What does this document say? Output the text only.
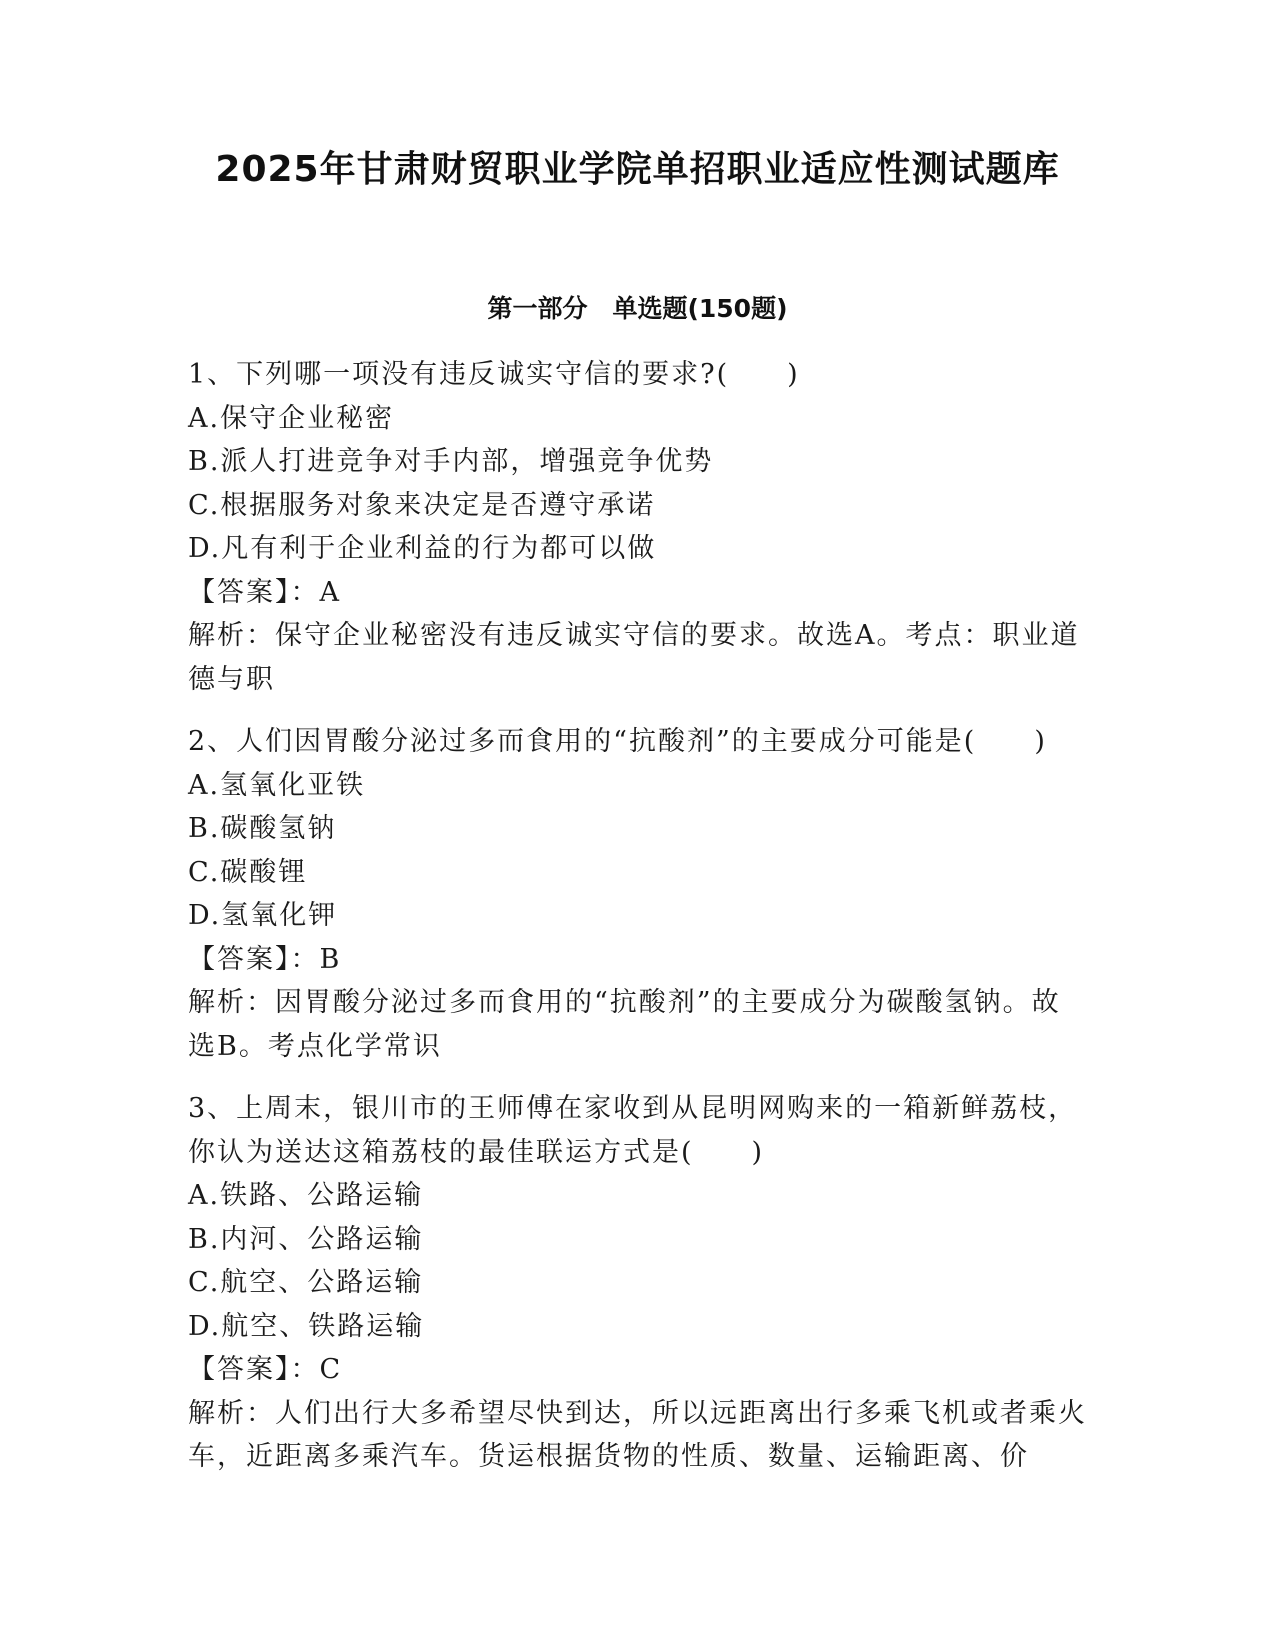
2025年甘肃财贸职业学院单招职业适应性测试题库
第一部分　单选题(150题)

1、下列哪一项没有违反诚实守信的要求?(　　)

A.保守企业秘密

B.派人打进竞争对手内部，增强竞争优势

C.根据服务对象来决定是否遵守承诺

D.凡有利于企业利益的行为都可以做

【答案】：A

解析：保守企业秘密没有违反诚实守信的要求。故选A。考点：职业道德与职

2、人们因胃酸分泌过多而食用的“抗酸剂”的主要成分可能是(　　)

A.氢氧化亚铁

B.碳酸氢钠

C.碳酸锂

D.氢氧化钾

【答案】：B

解析：因胃酸分泌过多而食用的“抗酸剂”的主要成分为碳酸氢钠。故选B。考点化学常识

3、上周末，银川市的王师傅在家收到从昆明网购来的一箱新鲜荔枝，你认为送达这箱荔枝的最佳联运方式是(　　)

A.铁路、公路运输

B.内河、公路运输

C.航空、公路运输

D.航空、铁路运输

【答案】：C

解析：人们出行大多希望尽快到达，所以远距离出行多乘飞机或者乘火车，近距离多乘汽车。货运根据货物的性质、数量、运输距离、价
